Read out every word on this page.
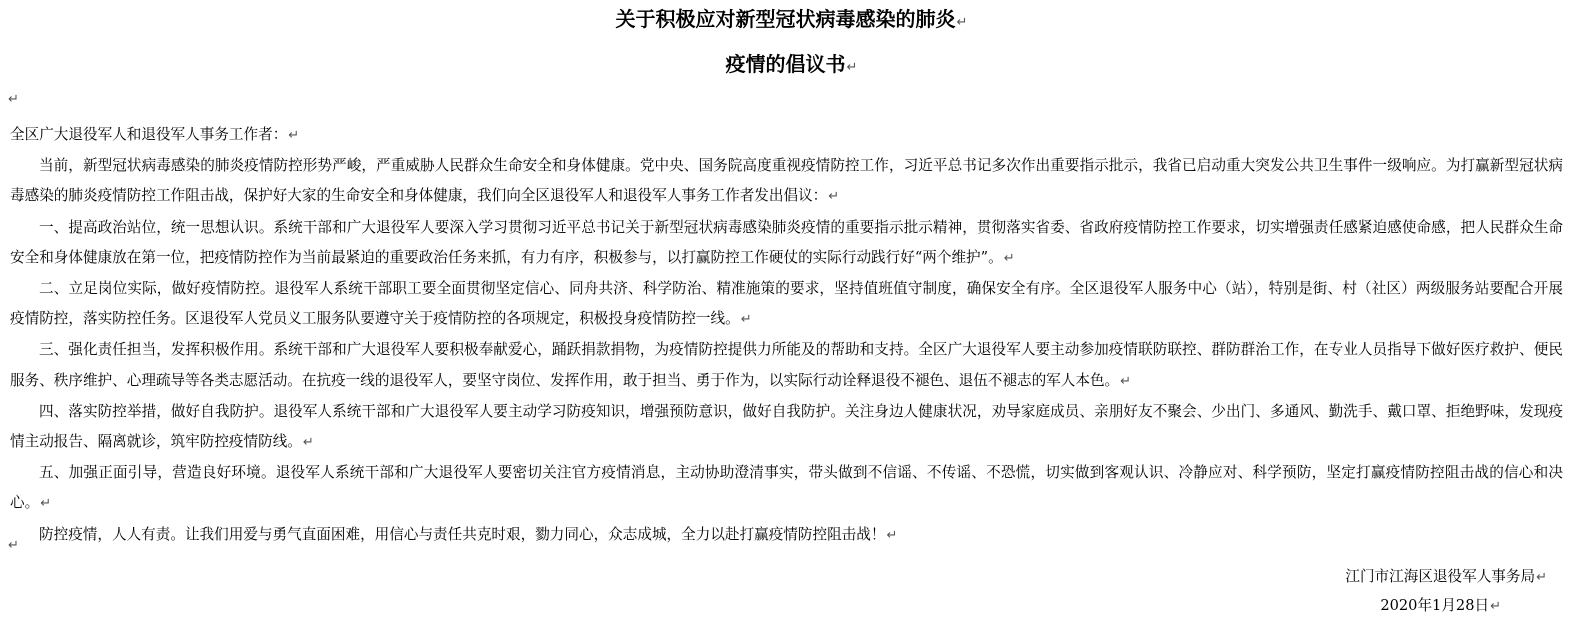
关于积极应对新型冠状病毒感染的肺炎↵
疫情的倡议书↵
↵

全区广大退役军人和退役军人事务工作者：↵

当前，新型冠状病毒感染的肺炎疫情防控形势严峻，严重威胁人民群众生命安全和身体健康。党中央、国务院高度重视疫情防控工作，习近平总书记多次作出重要指示批示，我省已启动重大突发公共卫生事件一级响应。为打赢新型冠状病毒感染的肺炎疫情防控工作阻击战，保护好大家的生命安全和身体健康，我们向全区退役军人和退役军人事务工作者发出倡议：↵

一、提高政治站位，统一思想认识。系统干部和广大退役军人要深入学习贯彻习近平总书记关于新型冠状病毒感染肺炎疫情的重要指示批示精神，贯彻落实省委、省政府疫情防控工作要求，切实增强责任感紧迫感使命感，把人民群众生命安全和身体健康放在第一位，把疫情防控作为当前最紧迫的重要政治任务来抓，有力有序，积极参与，以打赢防控工作硬仗的实际行动践行好“两个维护”。↵

二、立足岗位实际，做好疫情防控。退役军人系统干部职工要全面贯彻坚定信心、同舟共济、科学防治、精准施策的要求，坚持值班值守制度，确保安全有序。全区退役军人服务中心（站），特别是街、村（社区）两级服务站要配合开展疫情防控，落实防控任务。区退役军人党员义工服务队要遵守关于疫情防控的各项规定，积极投身疫情防控一线。↵

三、强化责任担当，发挥积极作用。系统干部和广大退役军人要积极奉献爱心，踊跃捐款捐物，为疫情防控提供力所能及的帮助和支持。全区广大退役军人要主动参加疫情联防联控、群防群治工作，在专业人员指导下做好医疗救护、便民服务、秩序维护、心理疏导等各类志愿活动。在抗疫一线的退役军人，要坚守岗位、发挥作用，敢于担当、勇于作为，以实际行动诠释退役不褪色、退伍不褪志的军人本色。↵

四、落实防控举措，做好自我防护。退役军人系统干部和广大退役军人要主动学习防疫知识，增强预防意识，做好自我防护。关注身边人健康状况，劝导家庭成员、亲朋好友不聚会、少出门、多通风、勤洗手、戴口罩、拒绝野味，发现疫情主动报告、隔离就诊，筑牢防控疫情防线。↵

五、加强正面引导，营造良好环境。退役军人系统干部和广大退役军人要密切关注官方疫情消息，主动协助澄清事实，带头做到不信谣、不传谣、不恐慌，切实做到客观认识、冷静应对、科学预防，坚定打赢疫情防控阻击战的信心和决心。↵

防控疫情，人人有责。让我们用爱与勇气直面困难，用信心与责任共克时艰，勠力同心，众志成城，全力以赴打赢疫情防控阻击战！↵

↵
江门市江海区退役军人事务局↵
2020年1月28日↵
